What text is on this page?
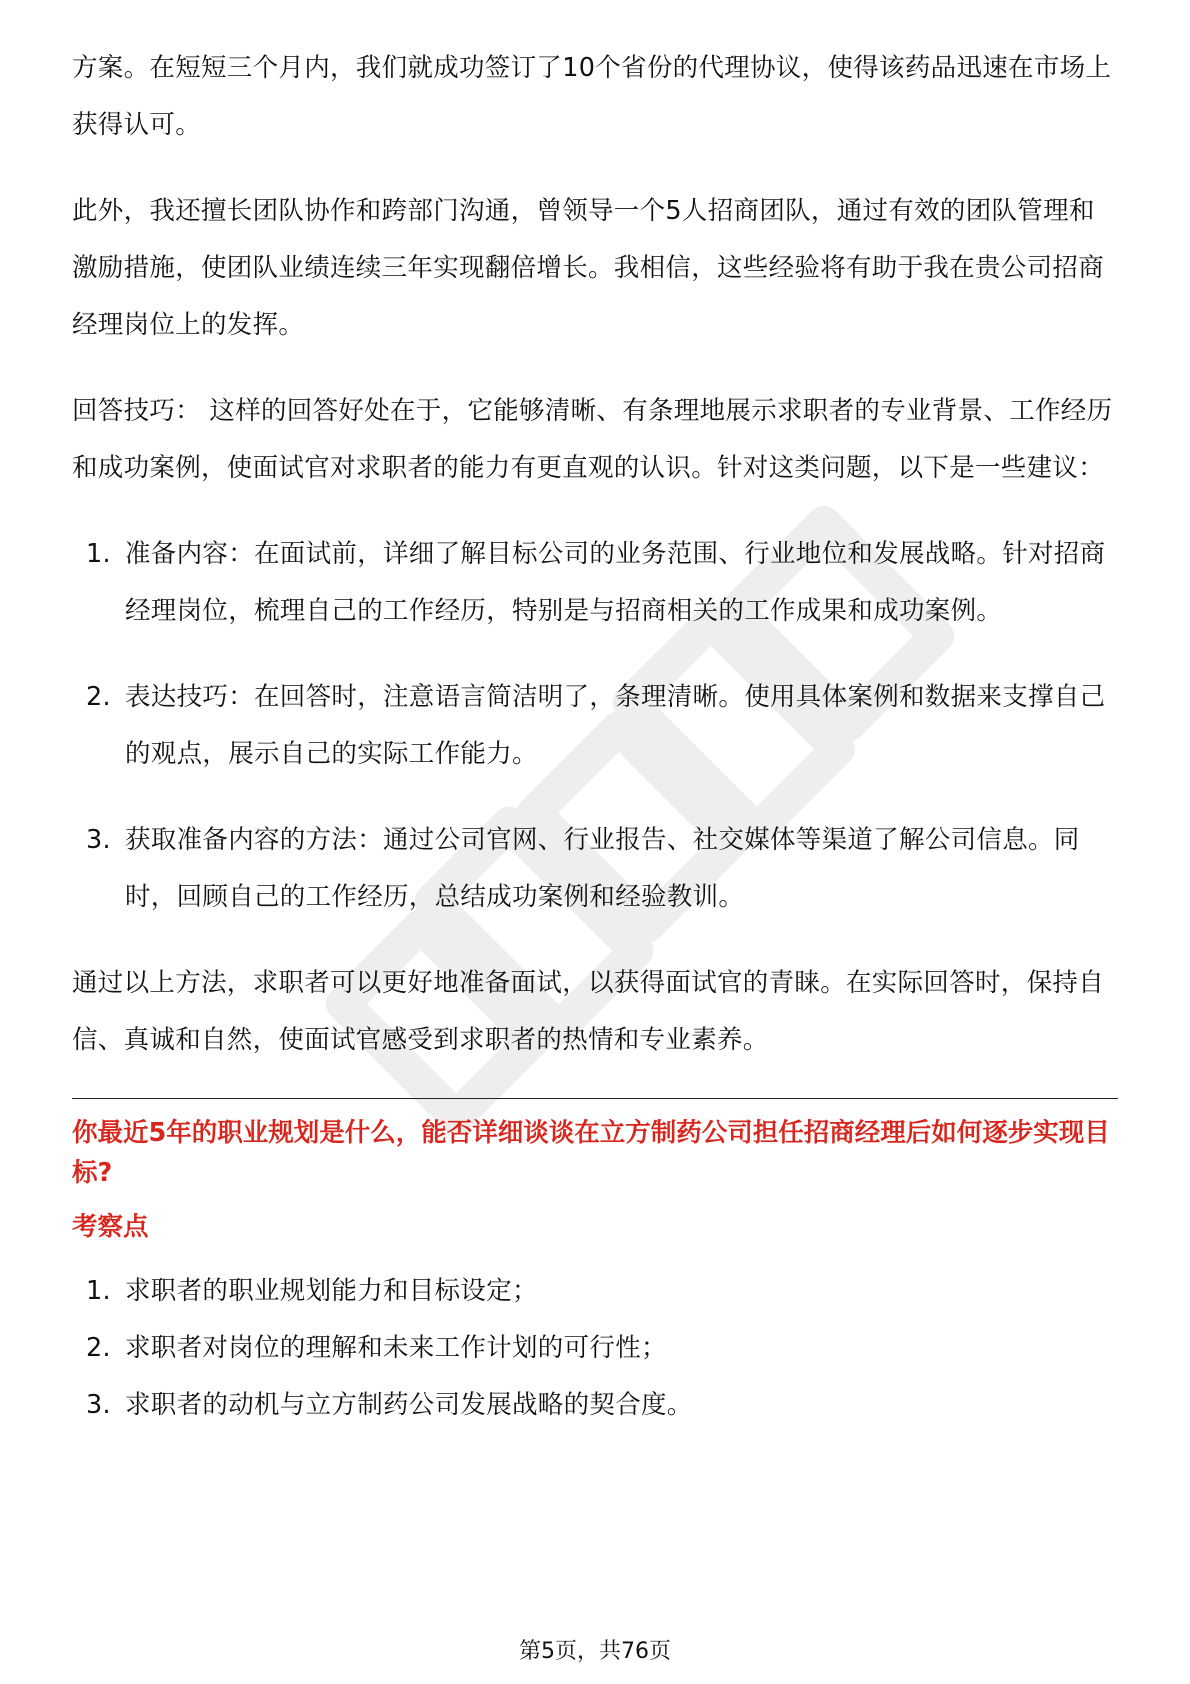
方案。在短短三个月内，我们就成功签订了10个省份的代理协议，使得该药品迅速在市场上获得认可。

此外，我还擅长团队协作和跨部门沟通，曾领导一个5人招商团队，通过有效的团队管理和激励措施，使团队业绩连续三年实现翻倍增长。我相信，这些经验将有助于我在贵公司招商经理岗位上的发挥。

回答技巧： 这样的回答好处在于，它能够清晰、有条理地展示求职者的专业背景、工作经历和成功案例，使面试官对求职者的能力有更直观的认识。针对这类问题，以下是一些建议：

1. 准备内容：在面试前，详细了解目标公司的业务范围、行业地位和发展战略。针对招商经理岗位，梳理自己的工作经历，特别是与招商相关的工作成果和成功案例。
2. 表达技巧：在回答时，注意语言简洁明了，条理清晰。使用具体案例和数据来支撑自己的观点，展示自己的实际工作能力。
3. 获取准备内容的方法：通过公司官网、行业报告、社交媒体等渠道了解公司信息。同时，回顾自己的工作经历，总结成功案例和经验教训。

通过以上方法，求职者可以更好地准备面试，以获得面试官的青睐。在实际回答时，保持自信、真诚和自然，使面试官感受到求职者的热情和专业素养。

你最近5年的职业规划是什么，能否详细谈谈在立方制药公司担任招商经理后如何逐步实现目标?
考察点
1. 求职者的职业规划能力和目标设定；
2. 求职者对岗位的理解和未来工作计划的可行性；
3. 求职者的动机与立方制药公司发展战略的契合度。
第5页，共76页
